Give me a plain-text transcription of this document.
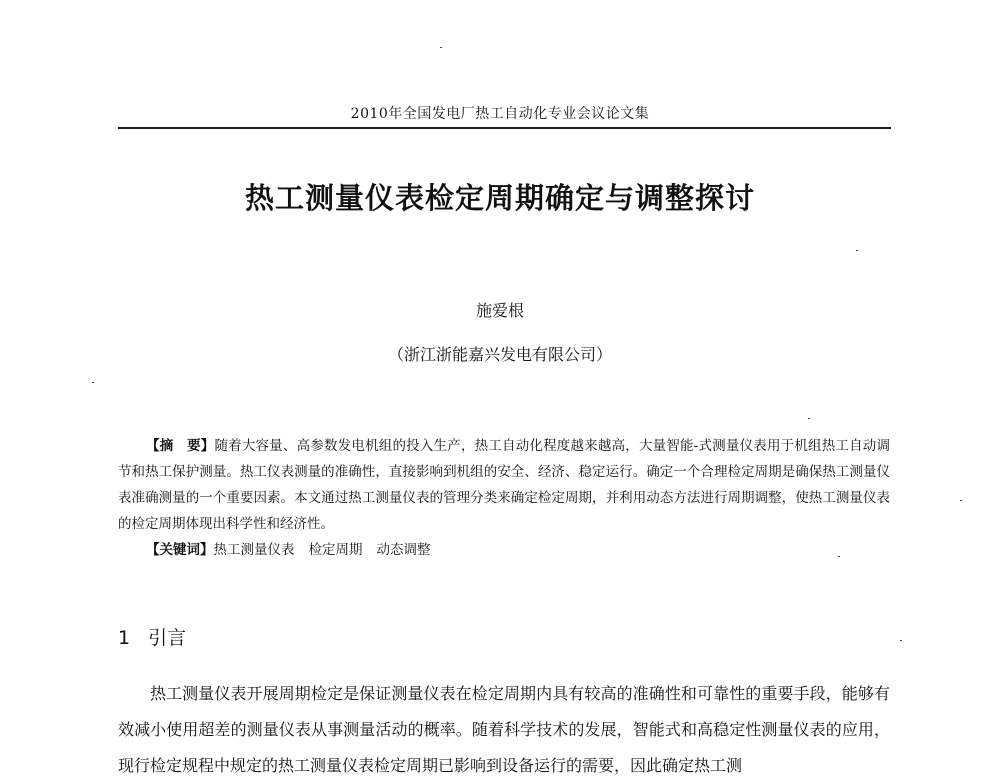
2010年全国发电厂热工自动化专业会议论文集
热工测量仪表检定周期确定与调整探讨
施爱根
（浙江浙能嘉兴发电有限公司）

【摘　要】随着大容量、高参数发电机组的投入生产，热工自动化程度越来越高，大量智能-式测量仪表用于机组热工自动调节和热工保护测量。热工仪表测量的准确性，直接影响到机组的安全、经济、稳定运行。确定一个合理检定周期是确保热工测量仪表准确测量的一个重要因素。本文通过热工测量仪表的管理分类来确定检定周期，并利用动态方法进行周期调整，使热工测量仪表的检定周期体现出科学性和经济性。

【关键词】热工测量仪表 检定周期 动态调整

1 引言

热工测量仪表开展周期检定是保证测量仪表在检定周期内具有较高的准确性和可靠性的重要手段，能够有效减小使用超差的测量仪表从事测量活动的概率。随着科学技术的发展，智能式和高稳定性测量仪表的应用，现行检定规程中规定的热工测量仪表检定周期已影响到设备运行的需要，因此确定热工测
